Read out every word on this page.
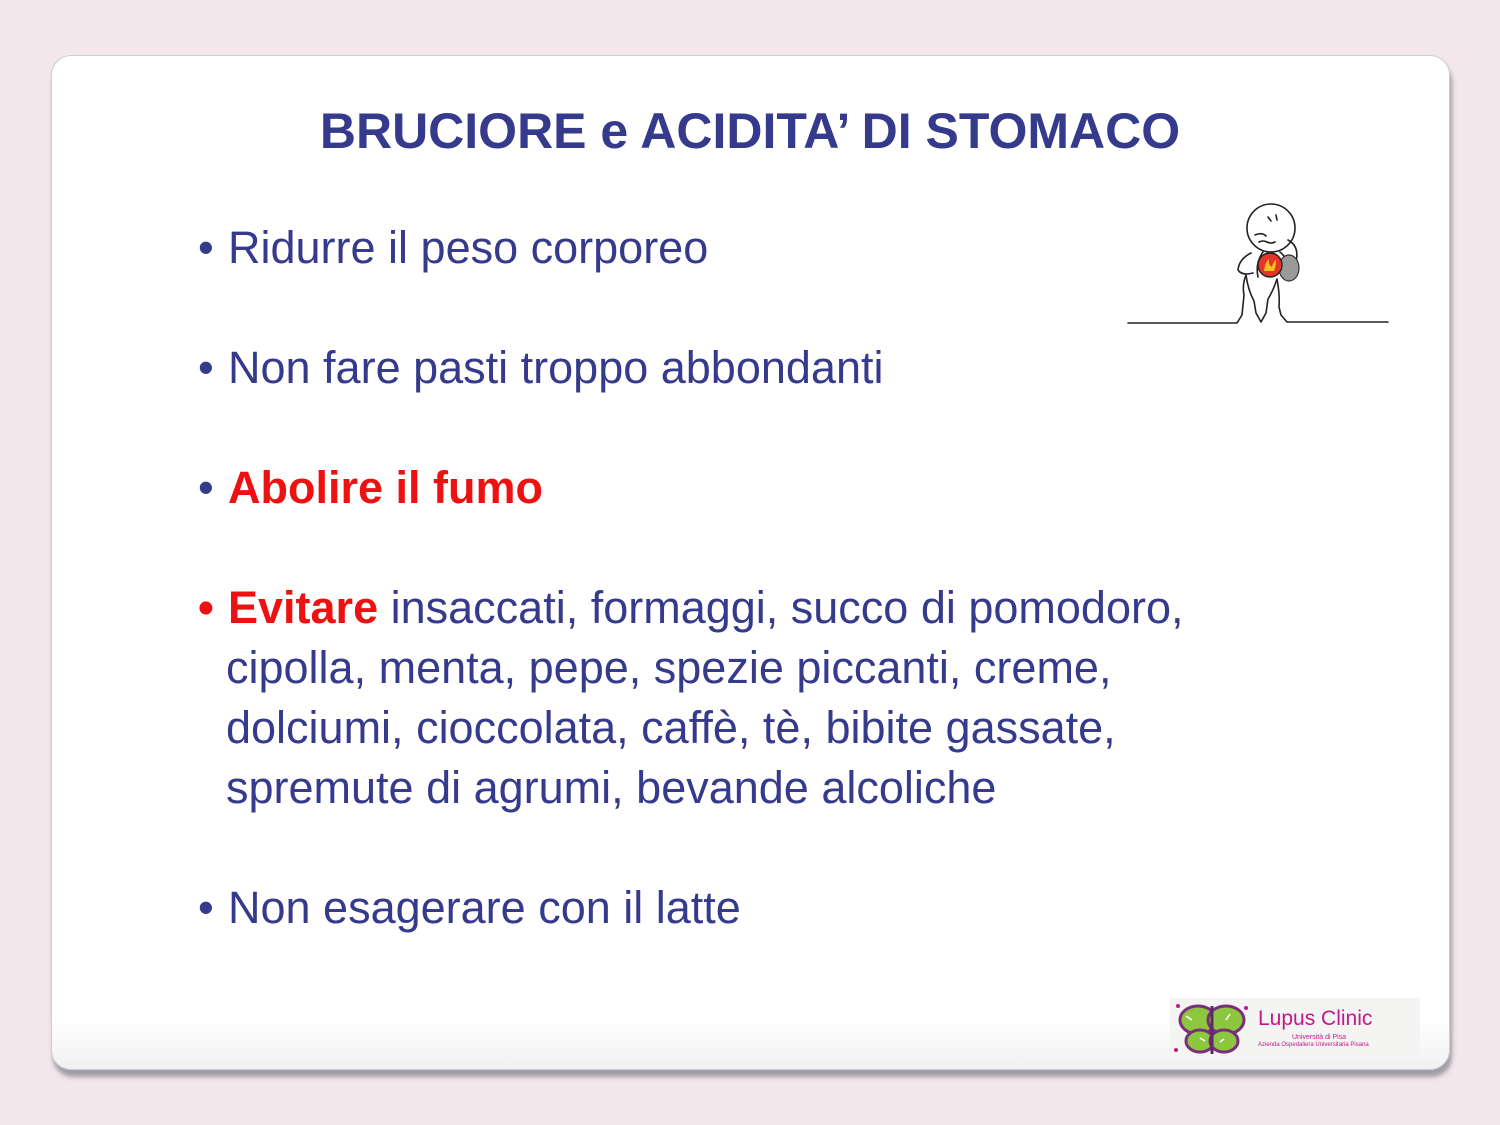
BRUCIORE e ACIDITA’ DI STOMACO
• Ridurre il peso corporeo
• Non fare pasti troppo abbondanti
• Abolire il fumo
• Evitare insaccati, formaggi, succo di pomodoro,
cipolla, menta, pepe, spezie piccanti, creme,
dolciumi, cioccolata, caffè, tè, bibite gassate,
spremute di agrumi, bevande alcoliche
• Non esagerare con il latte
Lupus Clinic
Università di Pisa
Azienda Ospedaliera Universitaria Pisana
